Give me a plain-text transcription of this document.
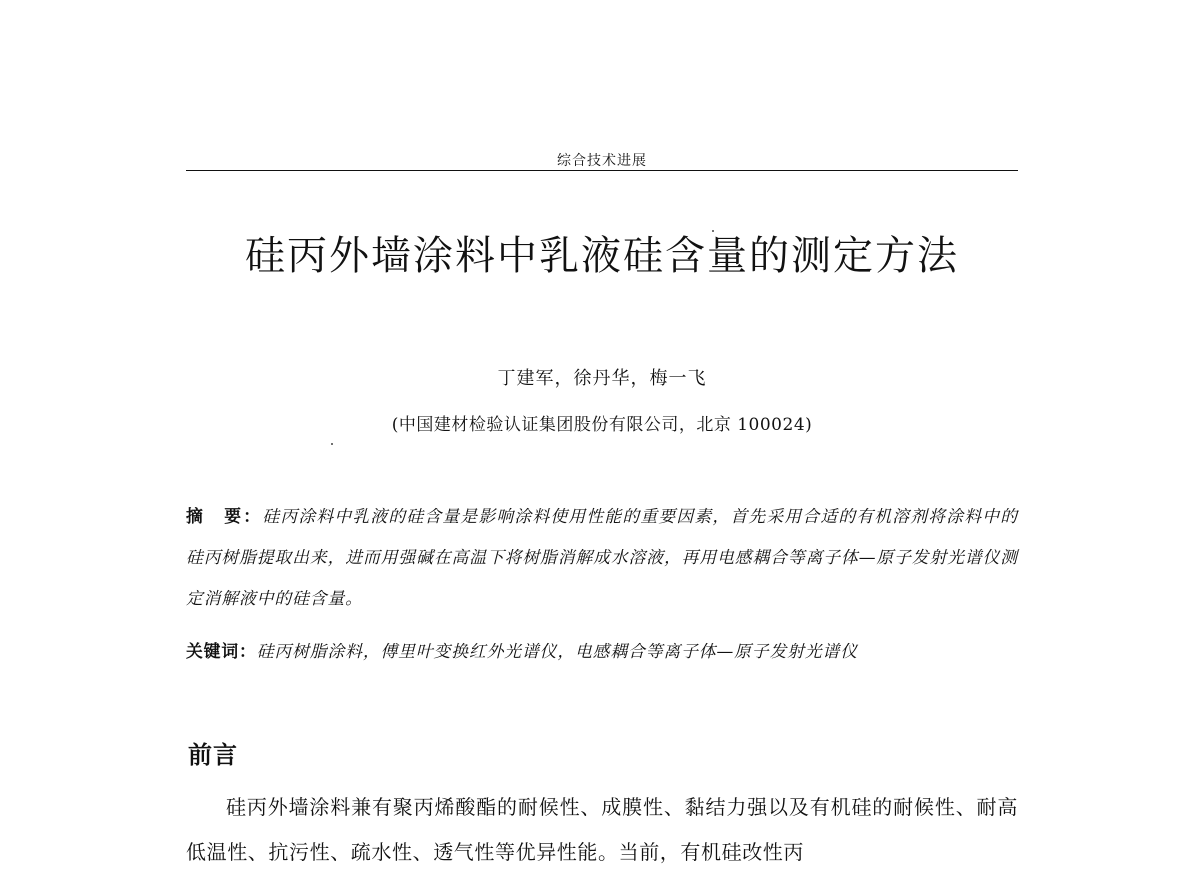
综合技术进展
硅丙外墙涂料中乳液硅含量的测定方法
丁建军，徐丹华，梅一飞
(中国建材检验认证集团股份有限公司，北京 100024)

摘　要：硅丙涂料中乳液的硅含量是影响涂料使用性能的重要因素，首先采用合适的有机溶剂将涂料中的硅丙树脂提取出来，进而用强碱在高温下将树脂消解成水溶液，再用电感耦合等离子体—原子发射光谱仪测定消解液中的硅含量。

关键词：硅丙树脂涂料，傅里叶变换红外光谱仪，电感耦合等离子体—原子发射光谱仪

前言

硅丙外墙涂料兼有聚丙烯酸酯的耐候性、成膜性、黏结力强以及有机硅的耐候性、耐高低温性、抗污性、疏水性、透气性等优异性能。当前，有机硅改性丙
